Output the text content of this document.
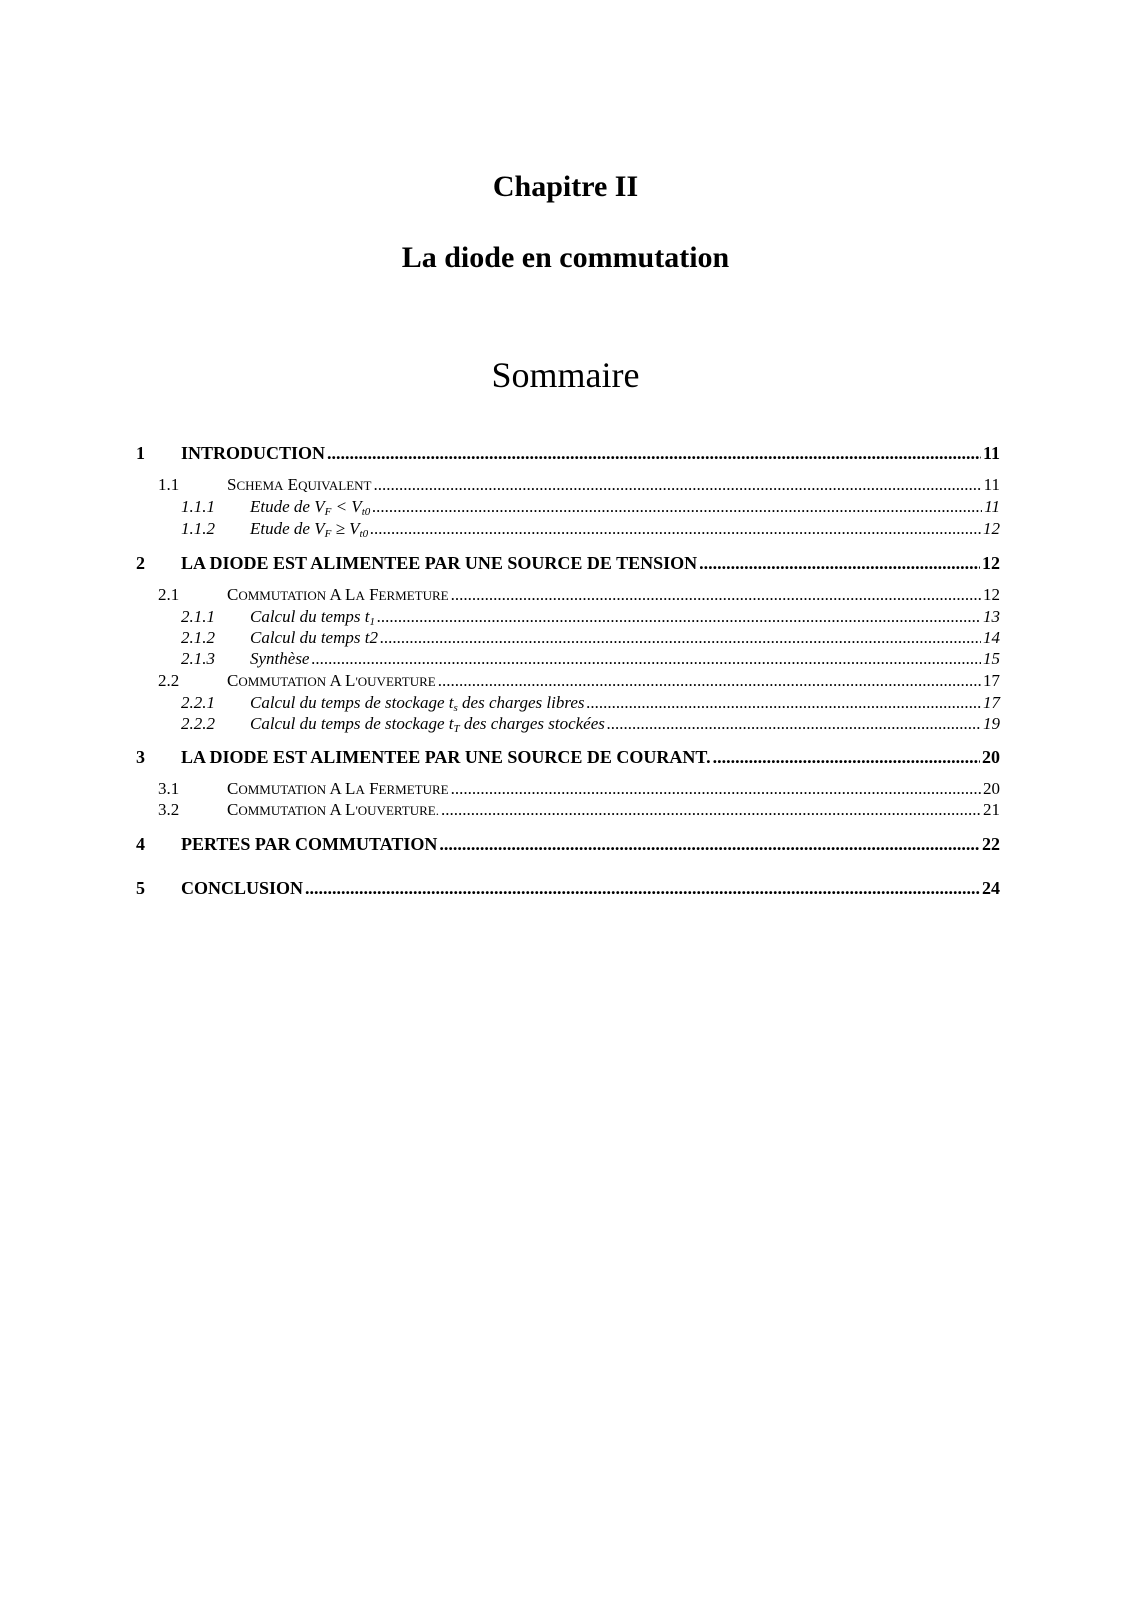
Chapitre II
La diode en commutation
Sommaire
1 INTRODUCTION .....	11
1.1	SCHEMA EQUIVALENT .....	11
1.1.1 Etude de $V_F < V_{t0}$ .....	11
1.1.2 Etude de $V_F \ge V_{t0}$ .....	12
2 LA DIODE EST ALIMENTEE PAR UNE SOURCE DE TENSION .....	12
2.1	COMMUTATION A LA FERMETURE .....	12
2.1.1 Calcul du temps $t_1$ .....	13
2.1.2 Calcul du temps t2 .....	14
2.1.3 Synthèse .....	15
2.2	COMMUTATION A L'OUVERTURE .....	17
2.2.1 Calcul du temps de stockage $t_s$ des charges libres .....	17
2.2.2 Calcul du temps de stockage $t_T$ des charges stockées .....	19
3 LA DIODE EST ALIMENTEE PAR UNE SOURCE DE COURANT. .....	20
3.1	COMMUTATION A LA FERMETURE .....	20
3.2	COMMUTATION A L'OUVERTURE. .....	21
4 PERTES PAR COMMUTATION .....	22
5 CONCLUSION .....	24
